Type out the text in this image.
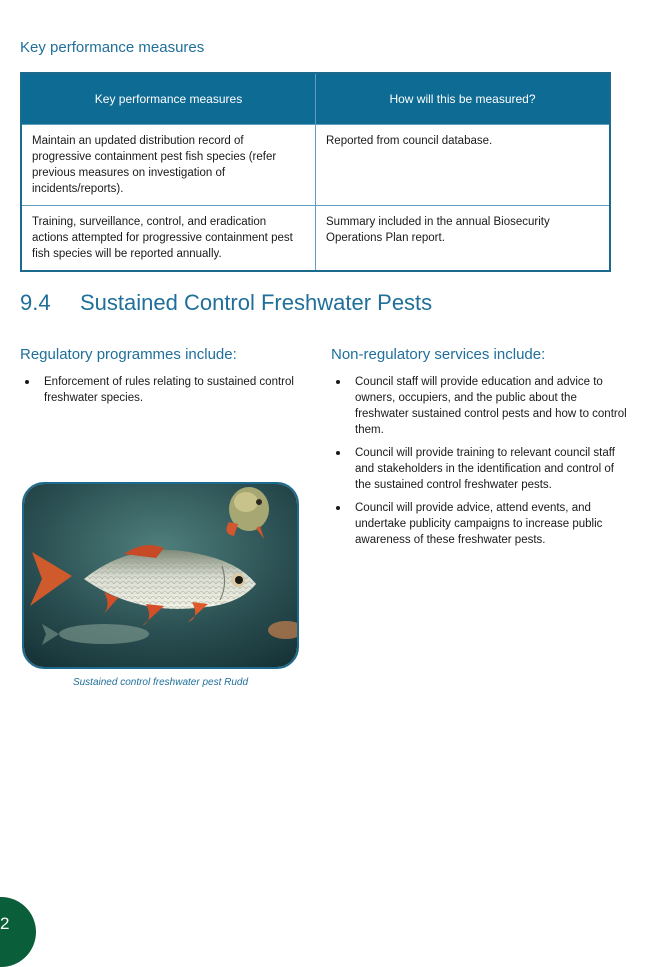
Key performance measures
Key performance measures	How will this be measured?
Maintain an updated distribution record of progressive containment pest fish species (refer previous measures on investigation of incidents/reports).	Reported from council database.
Training, surveillance, control, and eradication actions attempted for progressive containment pest fish species will be reported annually.	Summary included in the annual Biosecurity Operations Plan report.
9.4 Sustained Control Freshwater Pests
Regulatory programmes include:
Enforcement of rules relating to sustained control freshwater species.
Non-regulatory services include:
Council staff will provide education and advice to owners, occupiers, and the public about the freshwater sustained control pests and how to control them.
Council will provide training to relevant council staff and stakeholders in the identification and control of the sustained control freshwater pests.
Council will provide advice, attend events, and undertake publicity campaigns to increase public awareness of these freshwater pests.
Sustained control freshwater pest Rudd
2
